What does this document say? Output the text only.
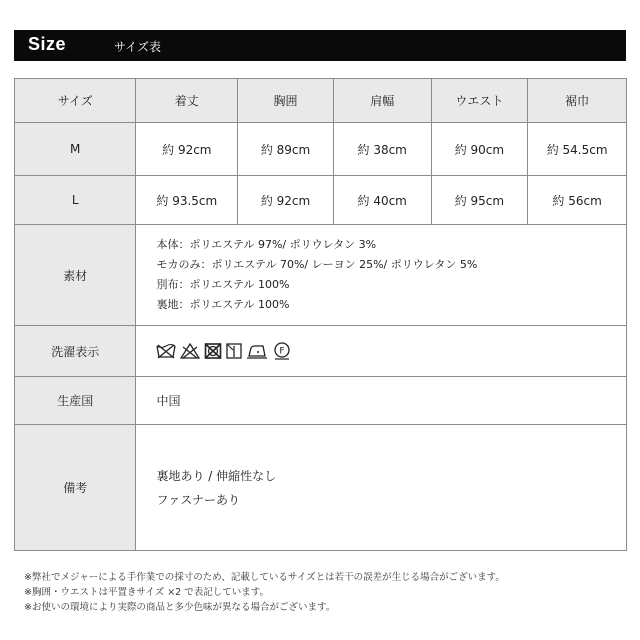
Size	サイズ表
サイズ	着丈	胸囲	肩幅	ウエスト	裾巾
M	約 92cm	約 89cm	約 38cm	約 90cm	約 54.5cm
L	約 93.5cm	約 92cm	約 40cm	約 95cm	約 56cm
素材	本体：ポリエステル 97%/ ポリウレタン 3%
モカのみ：ポリエステル 70%/ レーヨン 25%/ ポリウレタン 5%
別布：ポリエステル 100%
裏地：ポリエステル 100%				

洗濯表示	F				

生産国	中国				
備考	裏地あり / 伸縮性なし
ファスナーあり				
※弊社でメジャーによる手作業での採寸のため、記載しているサイズとは若干の誤差が生じる場合がございます。
※胸囲・ウエストは平置きサイズ ×2 で表記しています。
※お使いの環境により実際の商品と多少色味が異なる場合がございます。
